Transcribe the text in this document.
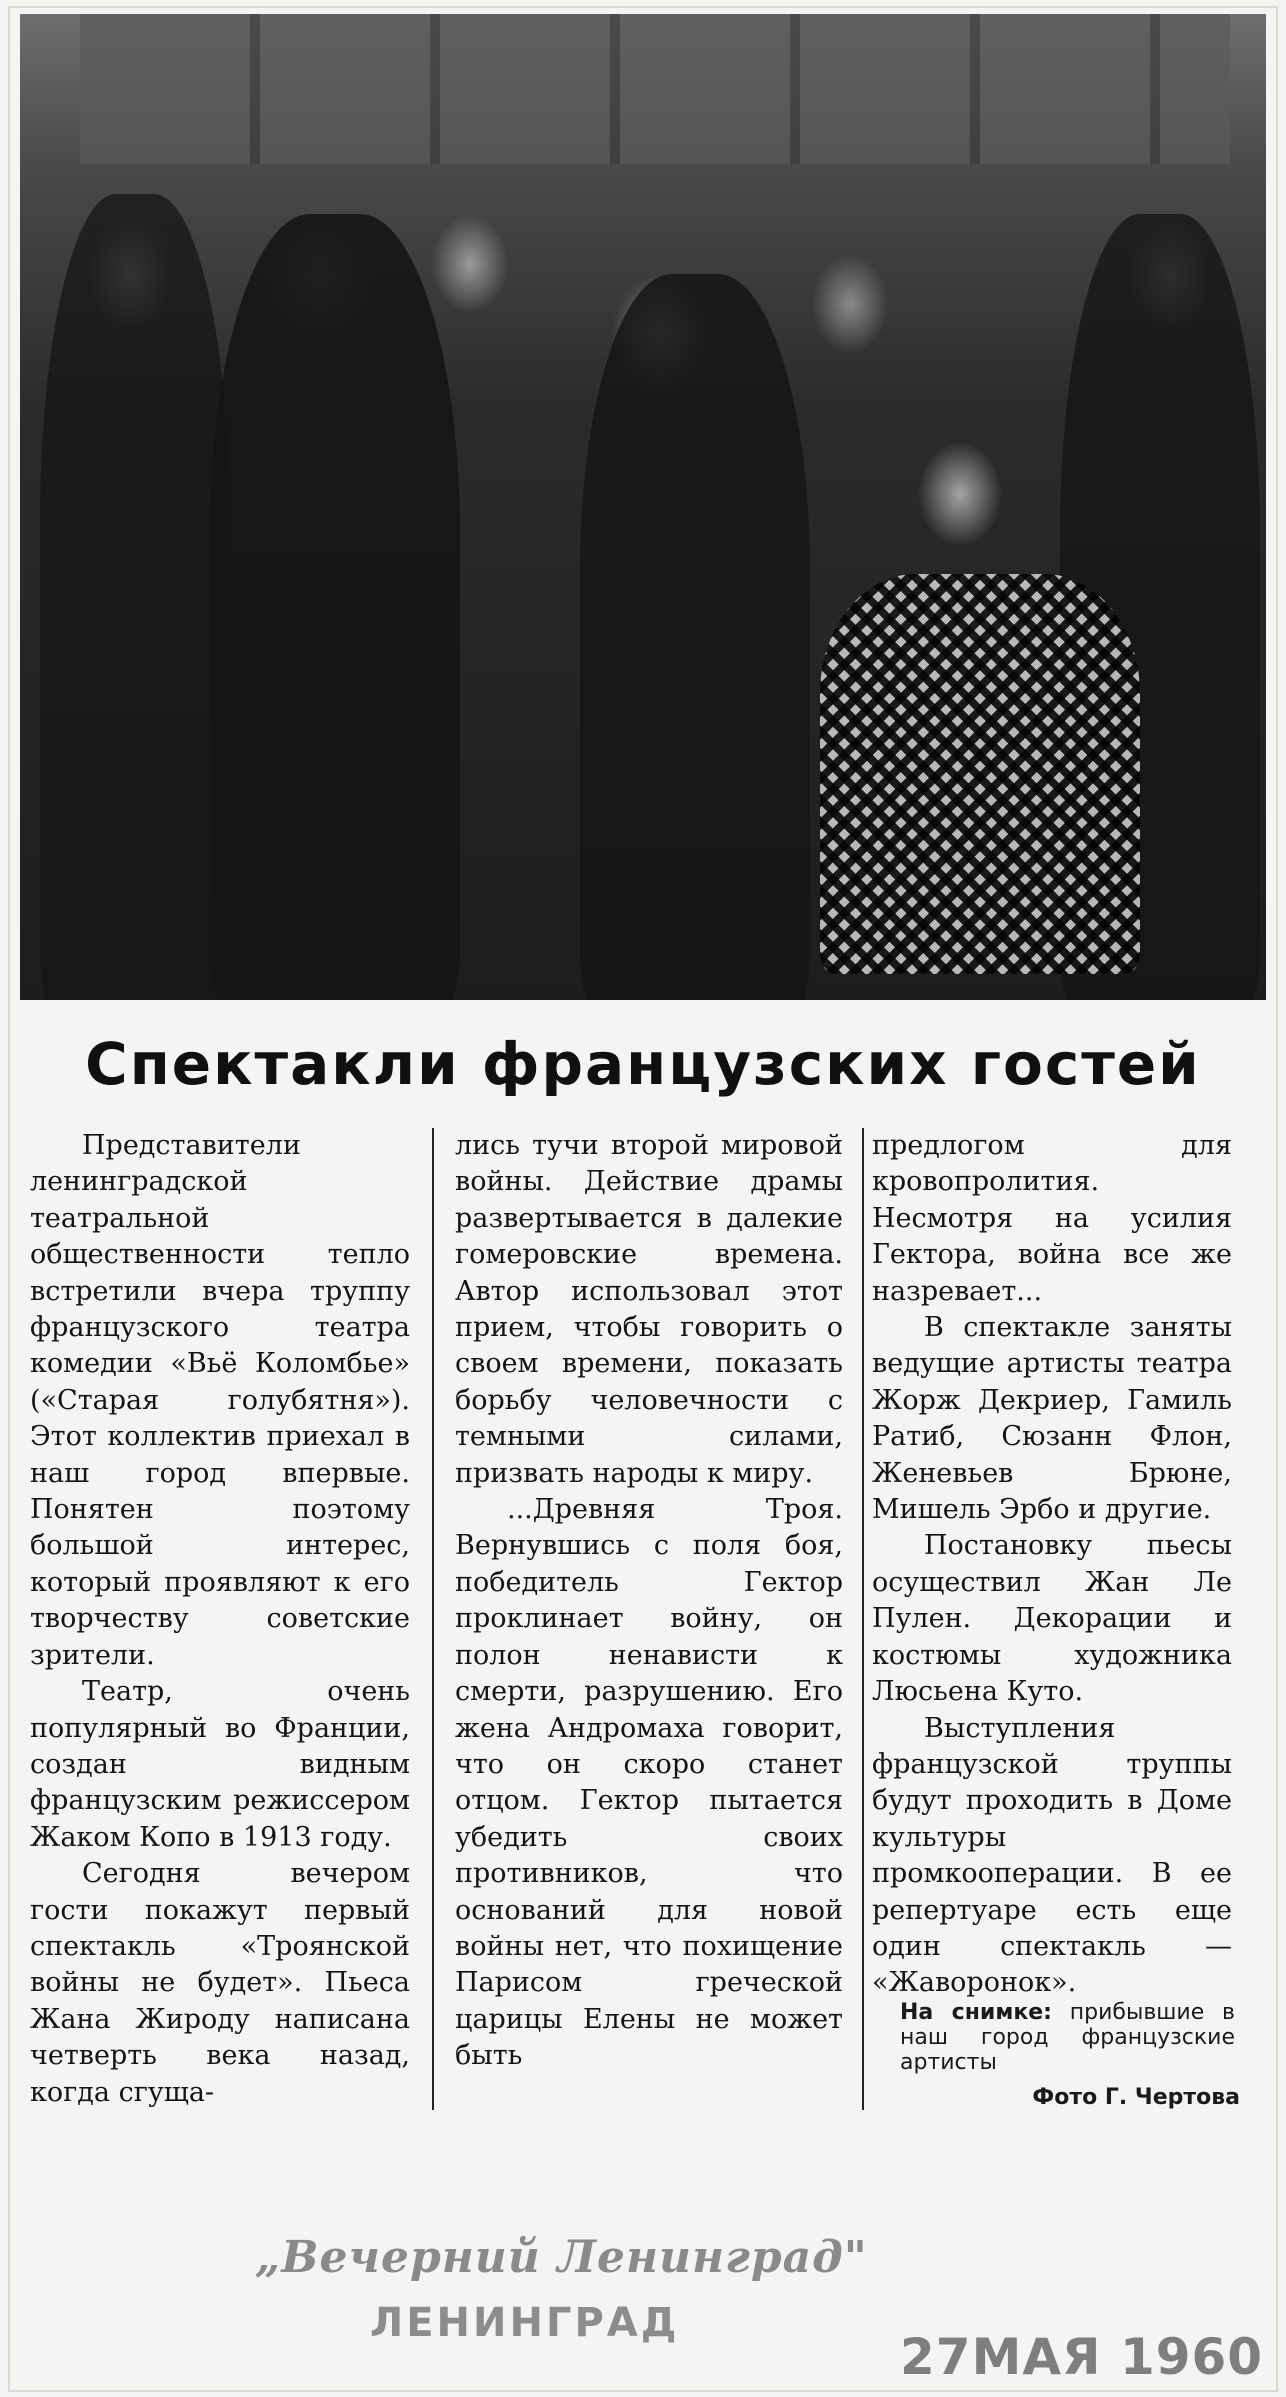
Спектакли французских гостей

Представители ленинградской театральной общественности тепло встретили вчера труппу французского театра комедии «Вьё Коломбье» («Старая голубятня»). Этот коллектив приехал в наш город впервые. Понятен поэтому большой интерес, который проявляют к его творчеству советские зрители.

Театр, очень популярный во Франции, создан видным французским режиссером Жаком Копо в 1913 году.

Сегодня вечером гости покажут первый спектакль «Троянской войны не будет». Пьеса Жана Жироду написана четверть века назад, когда сгуща-

лись тучи второй мировой войны. Действие драмы развертывается в далекие гомеровские времена. Автор использовал этот прием, чтобы говорить о своем времени, показать борьбу человечности с темными силами, призвать народы к миру.

...Древняя Троя. Вернувшись с поля боя, победитель Гектор проклинает войну, он полон ненависти к смерти, разрушению. Его жена Андромаха говорит, что он скоро станет отцом. Гектор пытается убедить своих противников, что оснований для новой войны нет, что похищение Парисом греческой царицы Елены не может быть

предлогом для кровопролития. Несмотря на усилия Гектора, война все же назревает...

В спектакле заняты ведущие артисты театра Жорж Декриер, Гамиль Ратиб, Сюзанн Флон, Женевьев Брюне, Мишель Эрбо и другие.

Постановку пьесы осуществил Жан Ле Пулен. Декорации и костюмы художника Люсьена Куто.

Выступления французской труппы будут проходить в Доме культуры промкооперации. В ее репертуаре есть еще один спектакль — «Жаворонок».

На снимке: прибывшие в наш город французские артисты
Фото Г. Чертова
„Вечерний Ленинград"
ЛЕНИНГРАД
27МАЯ 1960
